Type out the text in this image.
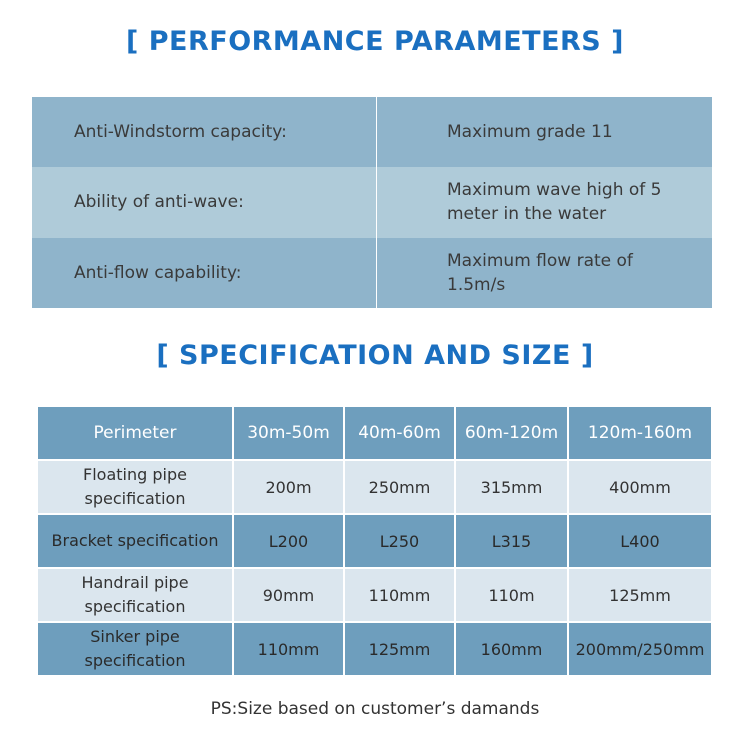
[ PERFORMANCE PARAMETERS ]
Anti-Windstorm capacity:	Maximum grade 11
Ability of anti-wave:	Maximum wave high of 5 meter in the water
Anti-flow capability:	Maximum flow rate of 1.5m/s
[ SPECIFICATION AND SIZE ]
Perimeter	30m-50m	40m-60m	60m-120m	120m-160m
Floating pipe specification	200m	250mm	315mm	400mm
Bracket specification	L200	L250	L315	L400
Handrail pipe specification	90mm	110mm	110m	125mm
Sinker pipe specification	110mm	125mm	160mm	200mm/250mm
PS:Size based on customer’s damands
